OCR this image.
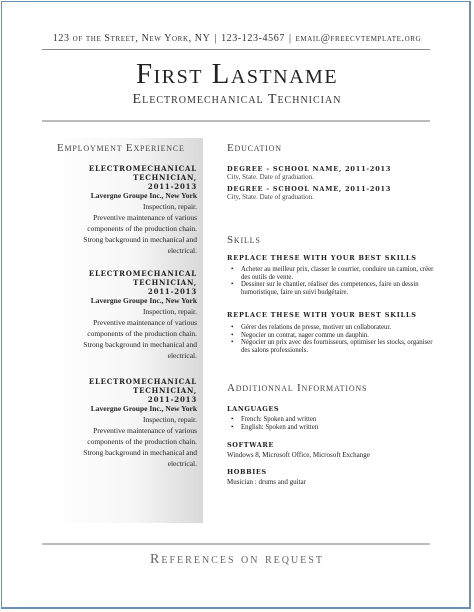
123 of the Street, New York, NY | 123-123-4567 | email@freecvtemplate.org
First Lastname
Electromechanical Technician
Employment Experience
ELECTROMECHANICAL TECHNICIAN,
2011-2013
Lavergne Groupe Inc., New York
Inspection, repair.
Preventive maintenance of various
components of the production chain.
Strong background in mechanical and
electrical.
ELECTROMECHANICAL TECHNICIAN,
2011-2013
Lavergne Groupe Inc., New York
Inspection, repair.
Preventive maintenance of various
components of the production chain.
Strong background in mechanical and
electrical.
ELECTROMECHANICAL TECHNICIAN,
2011-2013
Lavergne Groupe Inc., New York
Inspection, repair.
Preventive maintenance of various
components of the production chain.
Strong background in mechanical and
electrical.
Education
DEGREE - SCHOOL NAME, 2011-2013
City, State. Date of graduation.
DEGREE - SCHOOL NAME, 2011-2013
City, State. Date of graduation.
Skills
REPLACE THESE WITH YOUR BEST SKILLS
• Acheter au meilleur prix, classer le courrier, conduire un camion, créer des outils de vente.
• Dessiner sur le chantier, réaliser des competences, faire un dessin humoristique, faire un suivi budgétaire.
REPLACE THESE WITH YOUR BEST SKILLS
• Gérer des relations de presse, motiver un collaborateur.
• Negocier un contrat, nager comme un dauphin.
• Négocier un prix avec des fournisseurs, optimiser les stocks, organiser des salons professionels.
Additionnal Informations
LANGUAGES
• French: Spoken and written
• English: Spoken and written
SOFTWARE
Windows 8, Microsoft Office, Microsoft Exchange
HOBBIES
Musician : drums and guitar
References on request
